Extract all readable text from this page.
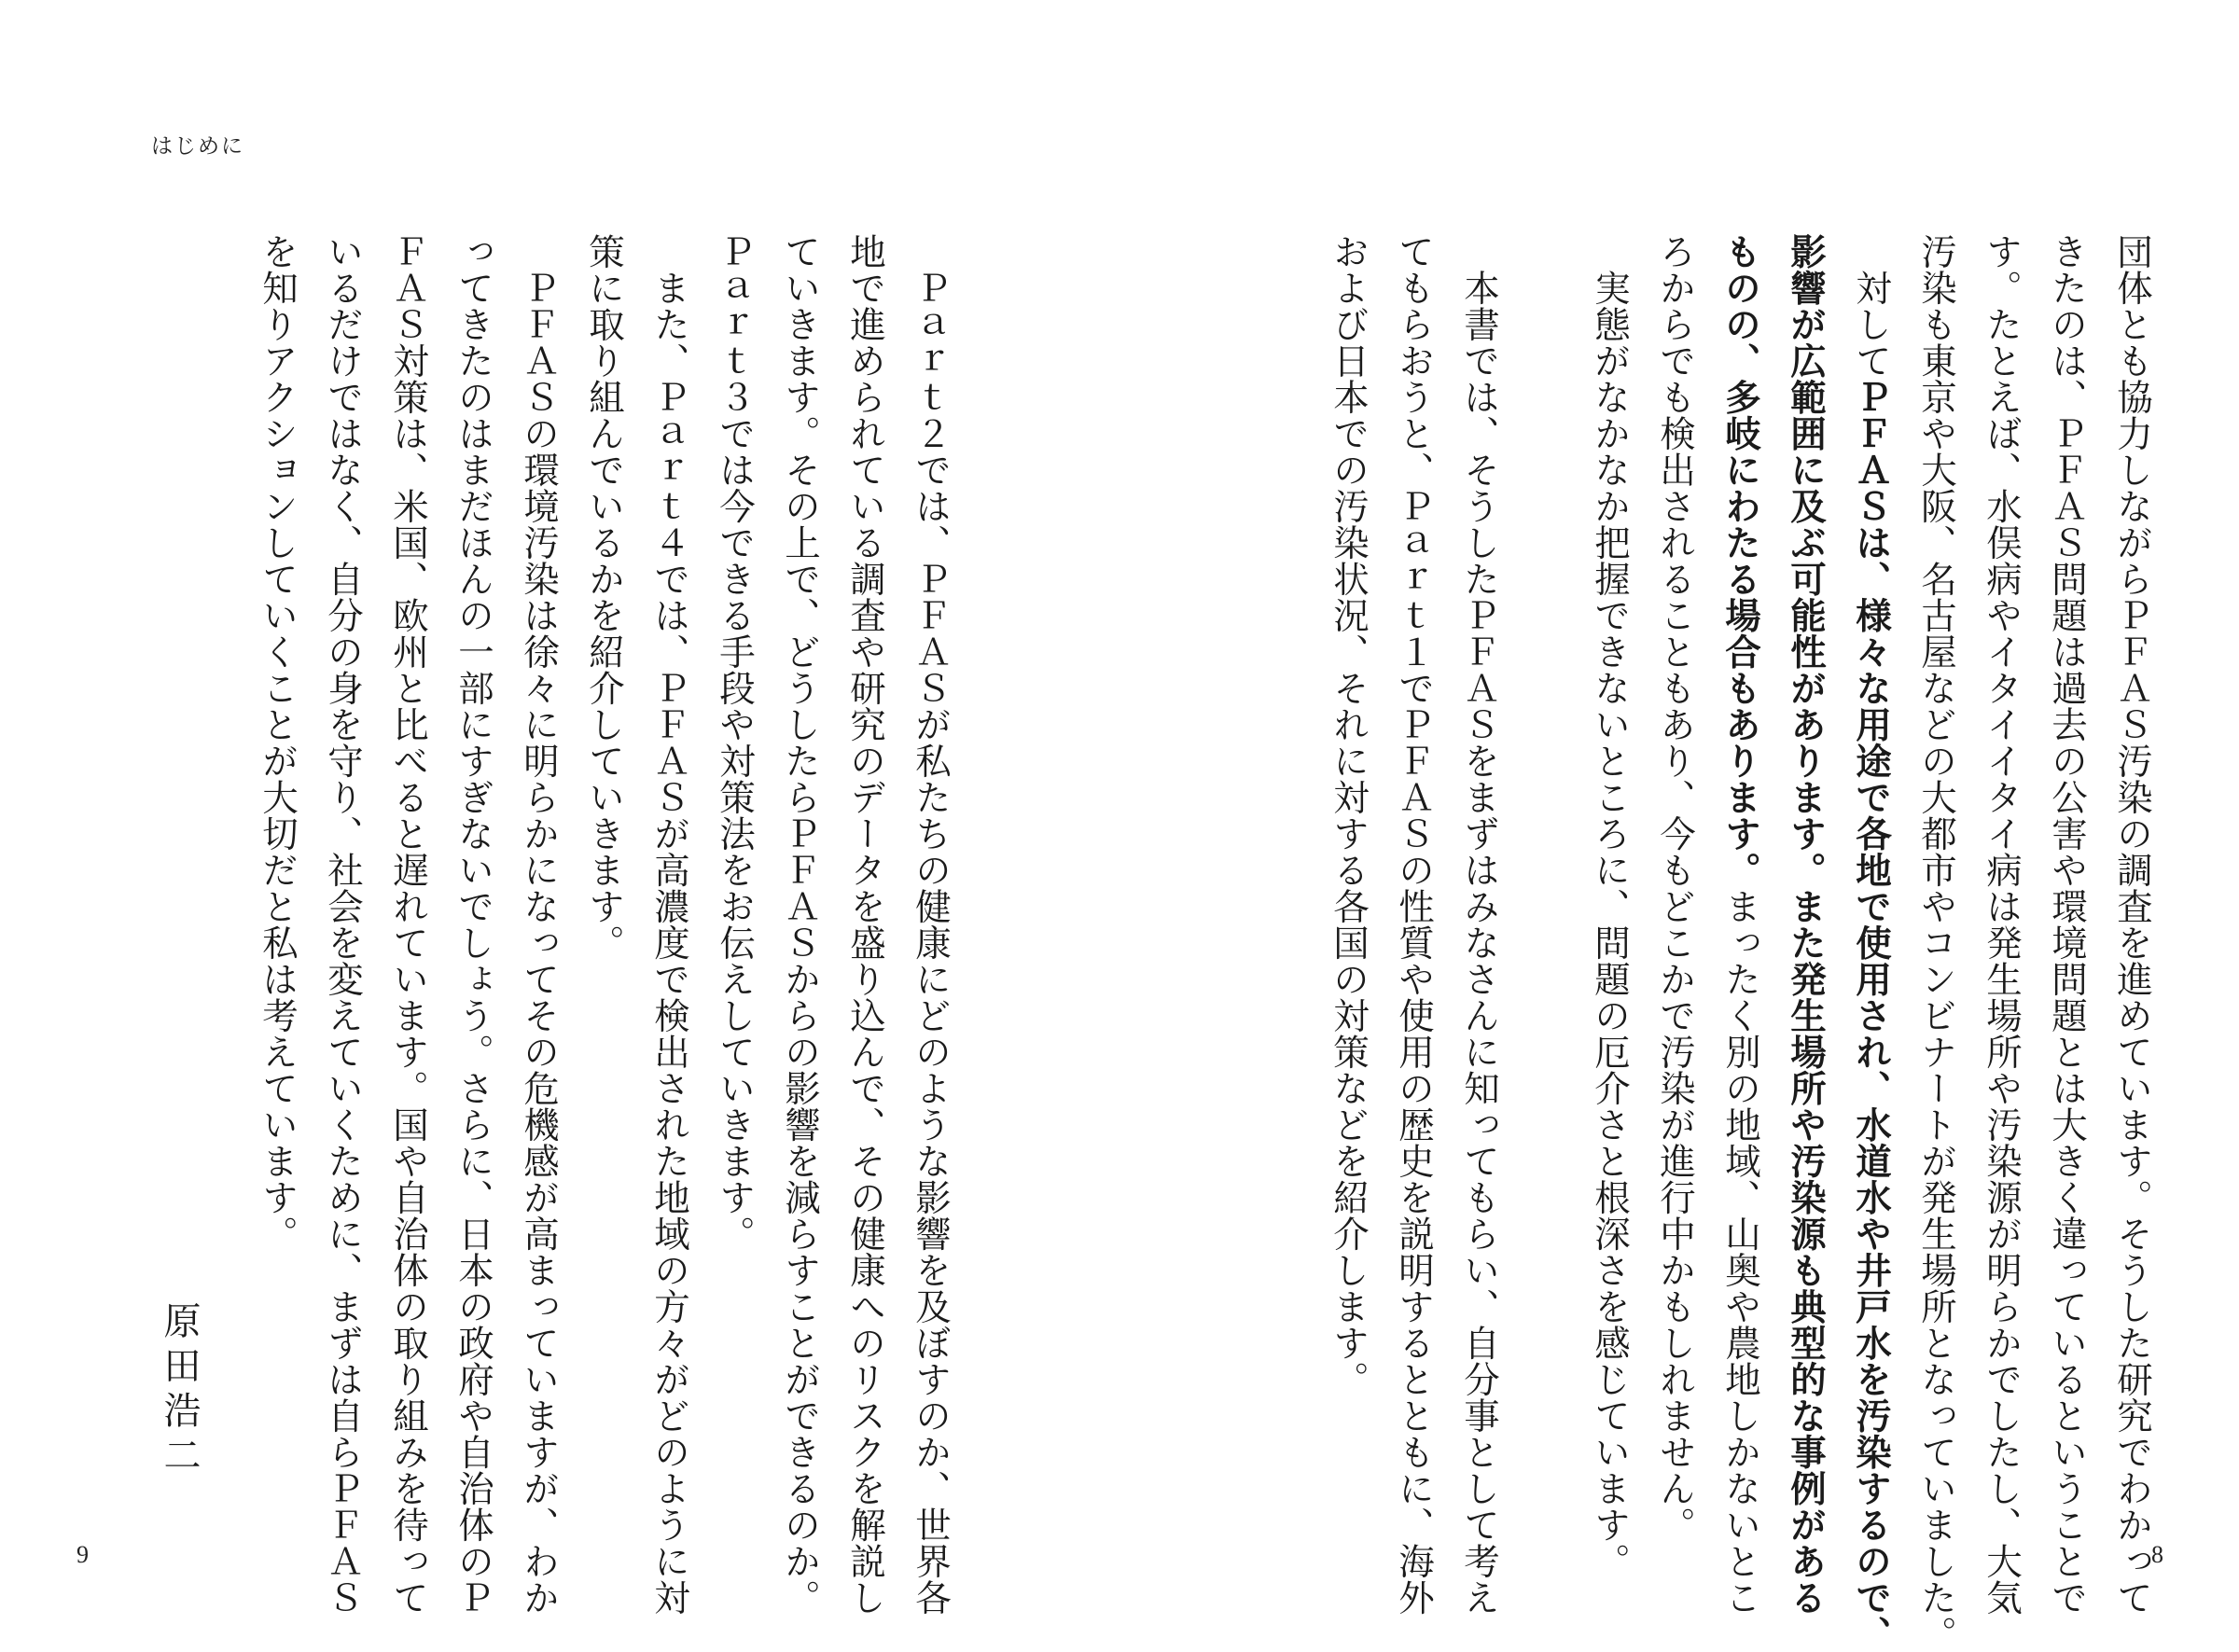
はじめに
団体とも協力しながらＰＦＡＳ汚染の調査を進めています。そうした研究でわかって
きたのは、ＰＦＡＳ問題は過去の公害や環境問題とは大きく違っているということで
す。たとえば、水俣病やイタイイタイ病は発生場所や汚染源が明らかでしたし、大気
汚染も東京や大阪、名古屋などの大都市やコンビナートが発生場所となっていました。
　対してＰＦＡＳは、様々な用途で各地で使用され、水道水や井戸水を汚染するので、
影響が広範囲に及ぶ可能性があります。また発生場所や汚染源も典型的な事例がある
ものの、多岐にわたる場合もあります。まったく別の地域、山奥や農地しかないとこ
ろからでも検出されることもあり、今もどこかで汚染が進行中かもしれません。
　実態がなかなか把握できないところに、問題の厄介さと根深さを感じています。

　本書では、そうしたＰＦＡＳをまずはみなさんに知ってもらい、自分事として考え
てもらおうと、Ｐａｒｔ１でＰＦＡＳの性質や使用の歴史を説明するとともに、海外
および日本での汚染状況、それに対する各国の対策などを紹介します。
　Ｐａｒｔ２では、ＰＦＡＳが私たちの健康にどのような影響を及ぼすのか、世界各
地で進められている調査や研究のデータを盛り込んで、その健康へのリスクを解説し
ていきます。その上で、どうしたらＰＦＡＳからの影響を減らすことができるのか。
Ｐａｒｔ３では今できる手段や対策法をお伝えしていきます。
　また、Ｐａｒｔ４では、ＰＦＡＳが高濃度で検出された地域の方々がどのように対
策に取り組んでいるかを紹介していきます。
　ＰＦＡＳの環境汚染は徐々に明らかになってその危機感が高まっていますが、わか
ってきたのはまだほんの一部にすぎないでしょう。さらに、日本の政府や自治体のＰ
ＦＡＳ対策は、米国、欧州と比べると遅れています。国や自治体の取り組みを待って
いるだけではなく、自分の身を守り、社会を変えていくために、まずは自らＰＦＡＳ
を知りアクションしていくことが大切だと私は考えています。
原田浩二
9	8
